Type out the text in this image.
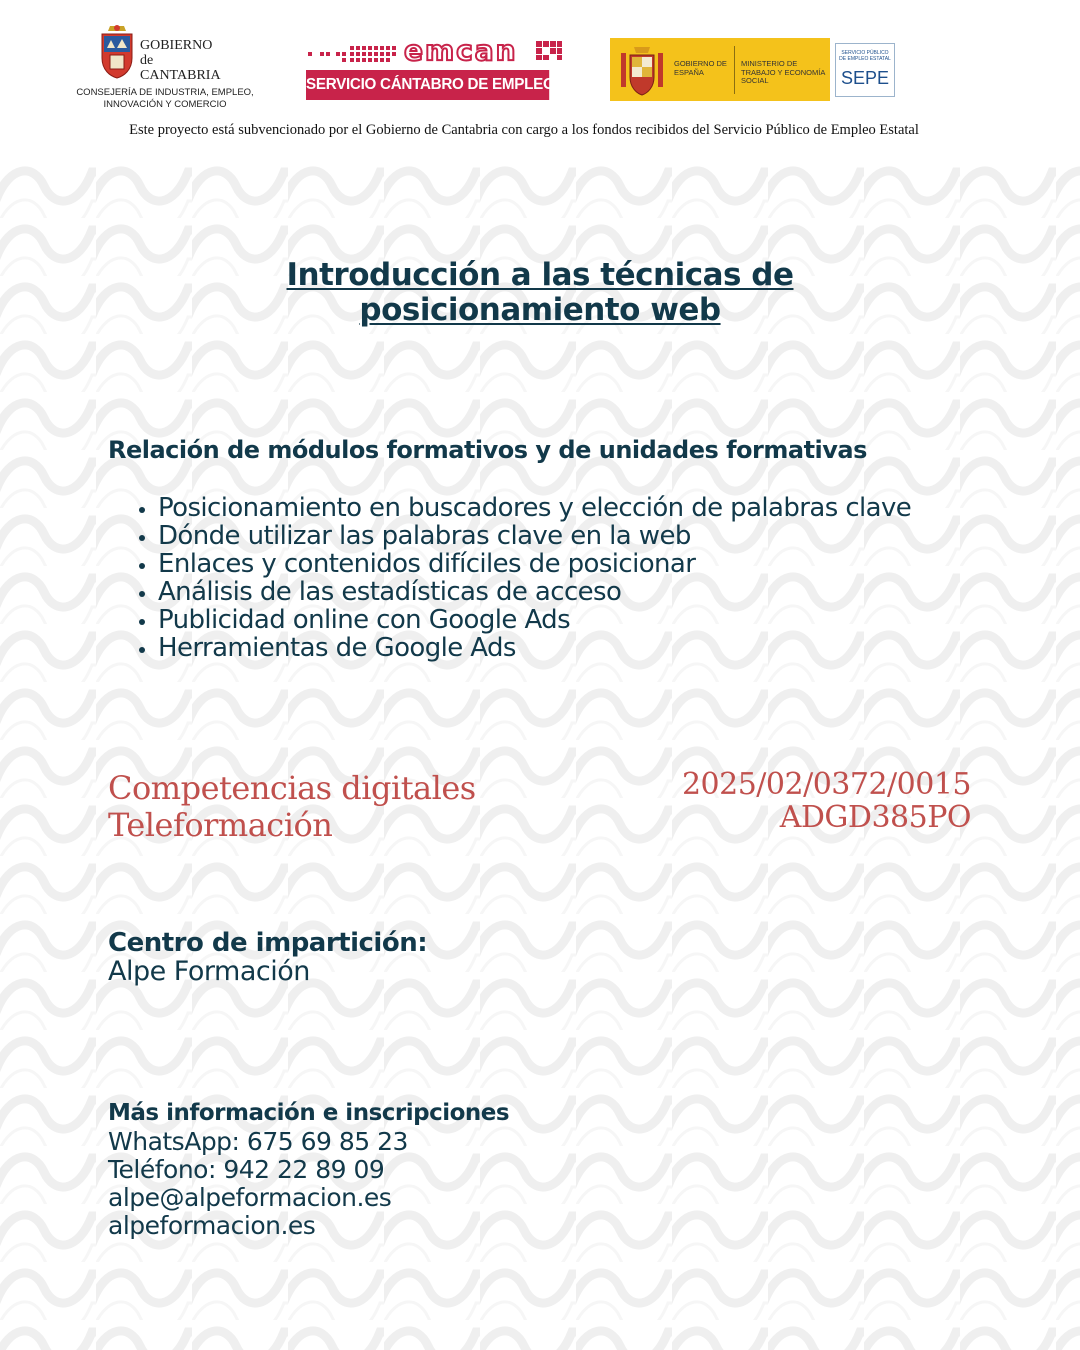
GOBIERNO
de
CANTABRIA
CONSEJERÍA DE INDUSTRIA, EMPLEO,
INNOVACIÓN Y COMERCIO
emcan
SERVICIO CÁNTABRO DE EMPLEO
GOBIERNO DE ESPAÑA
MINISTERIO DE TRABAJO Y ECONOMÍA SOCIAL
SERVICIO PÚBLICO DE EMPLEO ESTATAL
SEPE
Este proyecto está subvencionado por el Gobierno de Cantabria con cargo a los fondos recibidos del Servicio Público de Empleo Estatal
Introducción a las técnicas de
posicionamiento web
Relación de módulos formativos y de unidades formativas
• Posicionamiento en buscadores y elección de palabras clave
• Dónde utilizar las palabras clave en la web
• Enlaces y contenidos difíciles de posicionar
• Análisis de las estadísticas de acceso
• Publicidad online con Google Ads
• Herramientas de Google Ads
Competencias digitales
Teleformación
2025/02/0372/0015
ADGD385PO
Centro de impartición:
Alpe Formación
Más información e inscripciones
WhatsApp: 675 69 85 23
Teléfono: 942 22 89 09
alpe@alpeformacion.es
alpeformacion.es
